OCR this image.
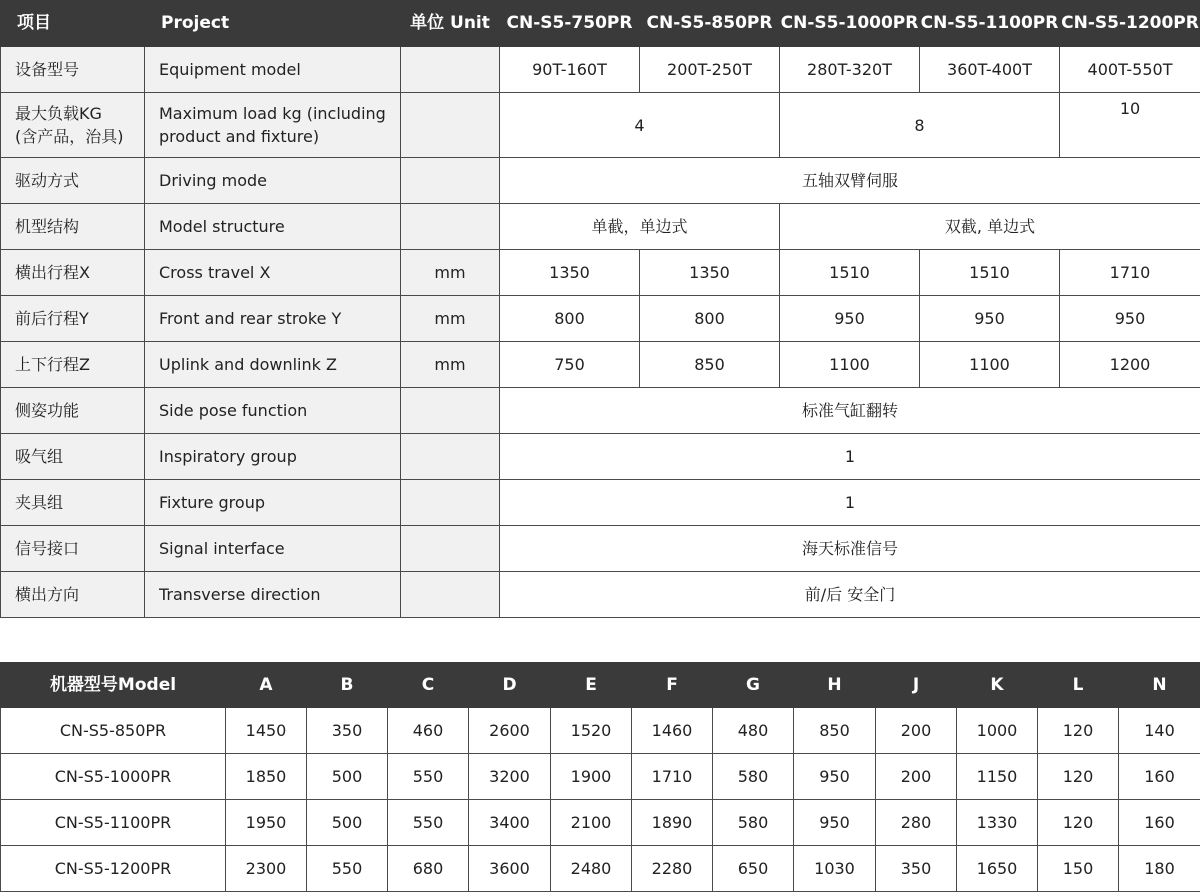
项目	Project	单位 Unit	CN-S5-750PR	CN-S5-850PR	CN-S5-1000PR	CN-S5-1100PR	CN-S5-1200PR
设备型号	Equipment model		90T-160T	200T-250T	280T-320T	360T-400T	400T-550T
最大负载KG
(含产品，治具)	Maximum load kg (including product and fixture)		4		8		10
驱动方式	Driving mode		五轴双臂伺服				
机型结构	Model structure		单截，单边式		双截, 单边式		
横出行程X	Cross travel X	mm	1350	1350	1510	1510	1710
前后行程Y	Front and rear stroke Y	mm	800	800	950	950	950
上下行程Z	Uplink and downlink Z	mm	750	850	1100	1100	1200
侧姿功能	Side pose function		标准气缸翻转				
吸气组	Inspiratory group		1				
夹具组	Fixture group		1				
信号接口	Signal interface		海天标准信号				
横出方向	Transverse direction		前/后 安全门				
机器型号Model	A	B	C	D	E	F	G	H	J	K	L	N
CN-S5-850PR	1450	350	460	2600	1520	1460	480	850	200	1000	120	140
CN-S5-1000PR	1850	500	550	3200	1900	1710	580	950	200	1150	120	160
CN-S5-1100PR	1950	500	550	3400	2100	1890	580	950	280	1330	120	160
CN-S5-1200PR	2300	550	680	3600	2480	2280	650	1030	350	1650	150	180
